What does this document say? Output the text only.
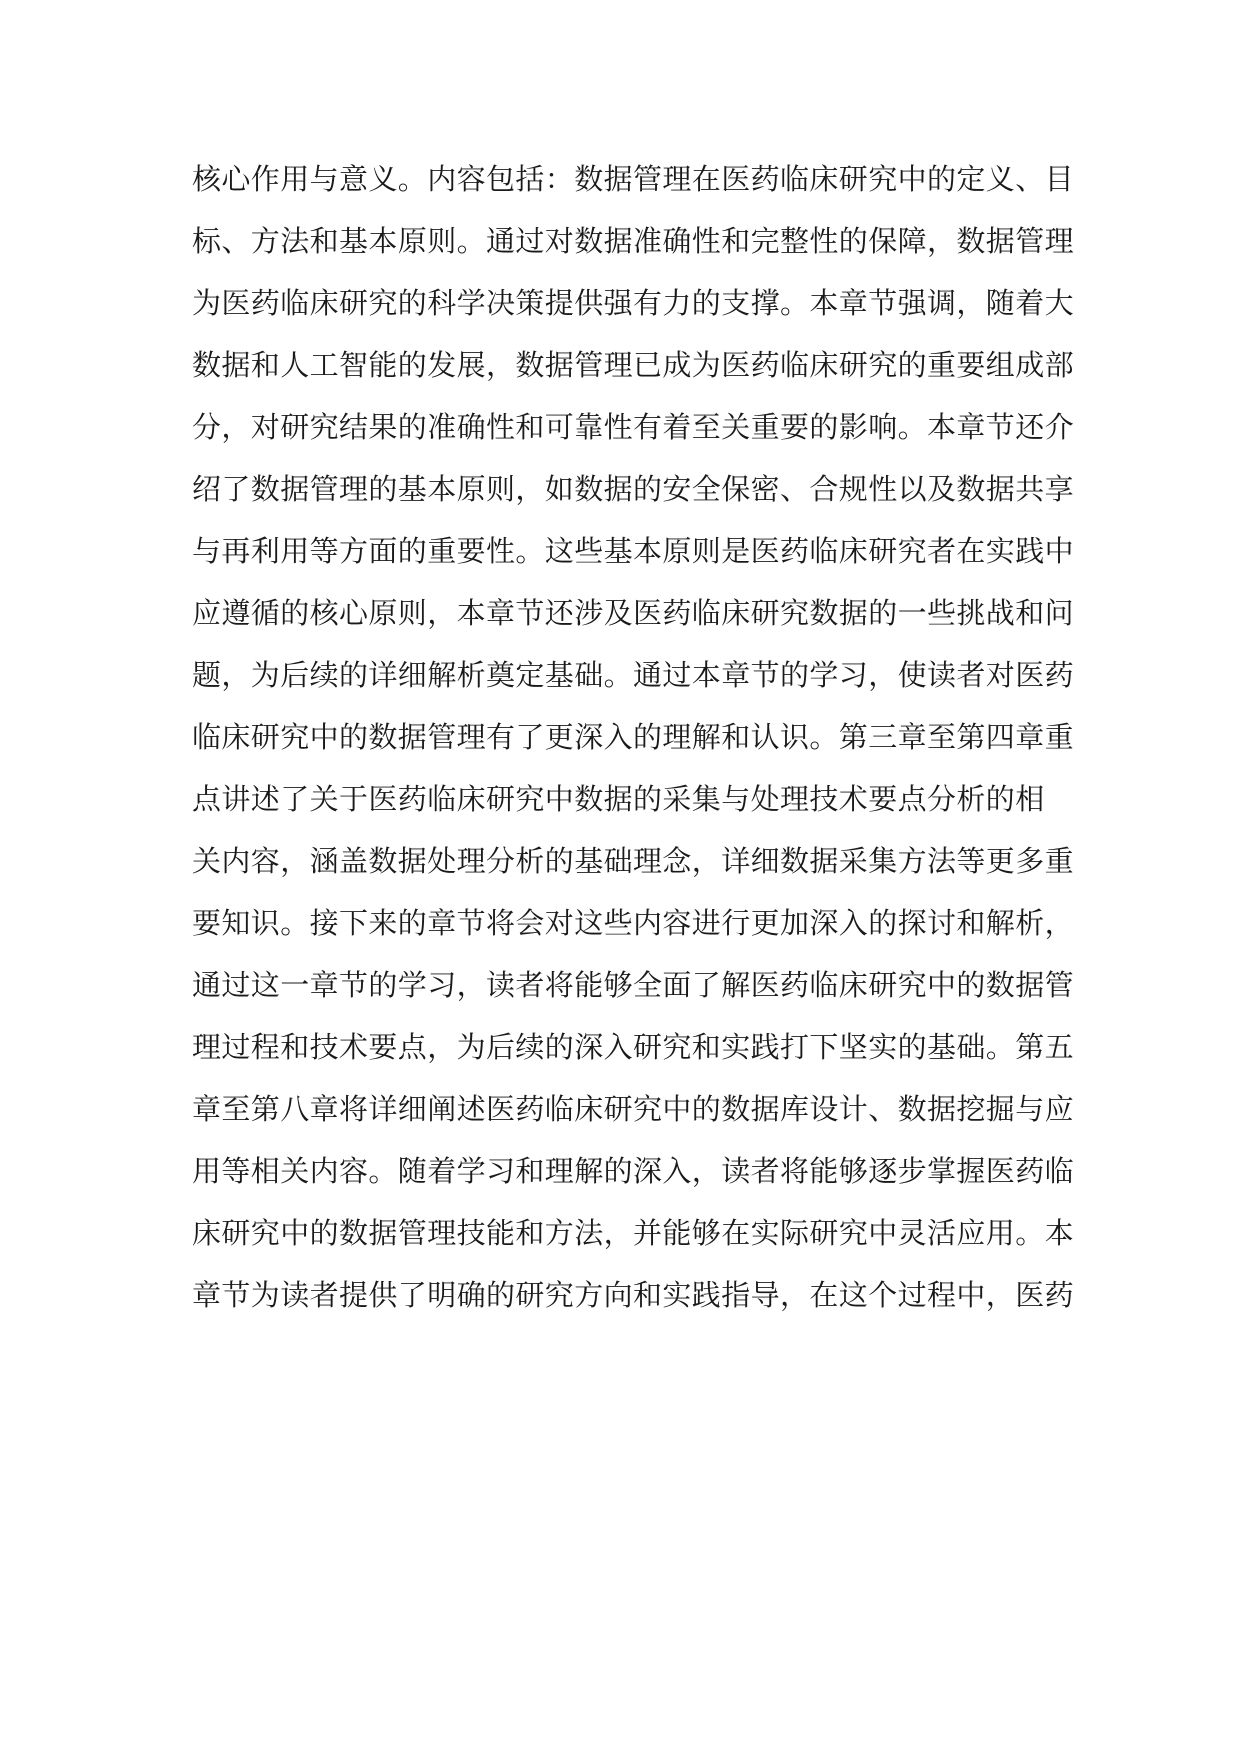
核心作用与意义。内容包括：数据管理在医药临床研究中的定义、目
标、方法和基本原则。通过对数据准确性和完整性的保障，数据管理
为医药临床研究的科学决策提供强有力的支撑。本章节强调，随着大
数据和人工智能的发展，数据管理已成为医药临床研究的重要组成部
分，对研究结果的准确性和可靠性有着至关重要的影响。本章节还介
绍了数据管理的基本原则，如数据的安全保密、合规性以及数据共享
与再利用等方面的重要性。这些基本原则是医药临床研究者在实践中
应遵循的核心原则，本章节还涉及医药临床研究数据的一些挑战和问
题，为后续的详细解析奠定基础。通过本章节的学习，使读者对医药
临床研究中的数据管理有了更深入的理解和认识。第三章至第四章重
点讲述了关于医药临床研究中数据的采集与处理技术要点分析的相
关内容，涵盖数据处理分析的基础理念，详细数据采集方法等更多重
要知识。接下来的章节将会对这些内容进行更加深入的探讨和解析，
通过这一章节的学习，读者将能够全面了解医药临床研究中的数据管
理过程和技术要点，为后续的深入研究和实践打下坚实的基础。第五
章至第八章将详细阐述医药临床研究中的数据库设计、数据挖掘与应
用等相关内容。随着学习和理解的深入，读者将能够逐步掌握医药临
床研究中的数据管理技能和方法，并能够在实际研究中灵活应用。本
章节为读者提供了明确的研究方向和实践指导，在这个过程中，医药
